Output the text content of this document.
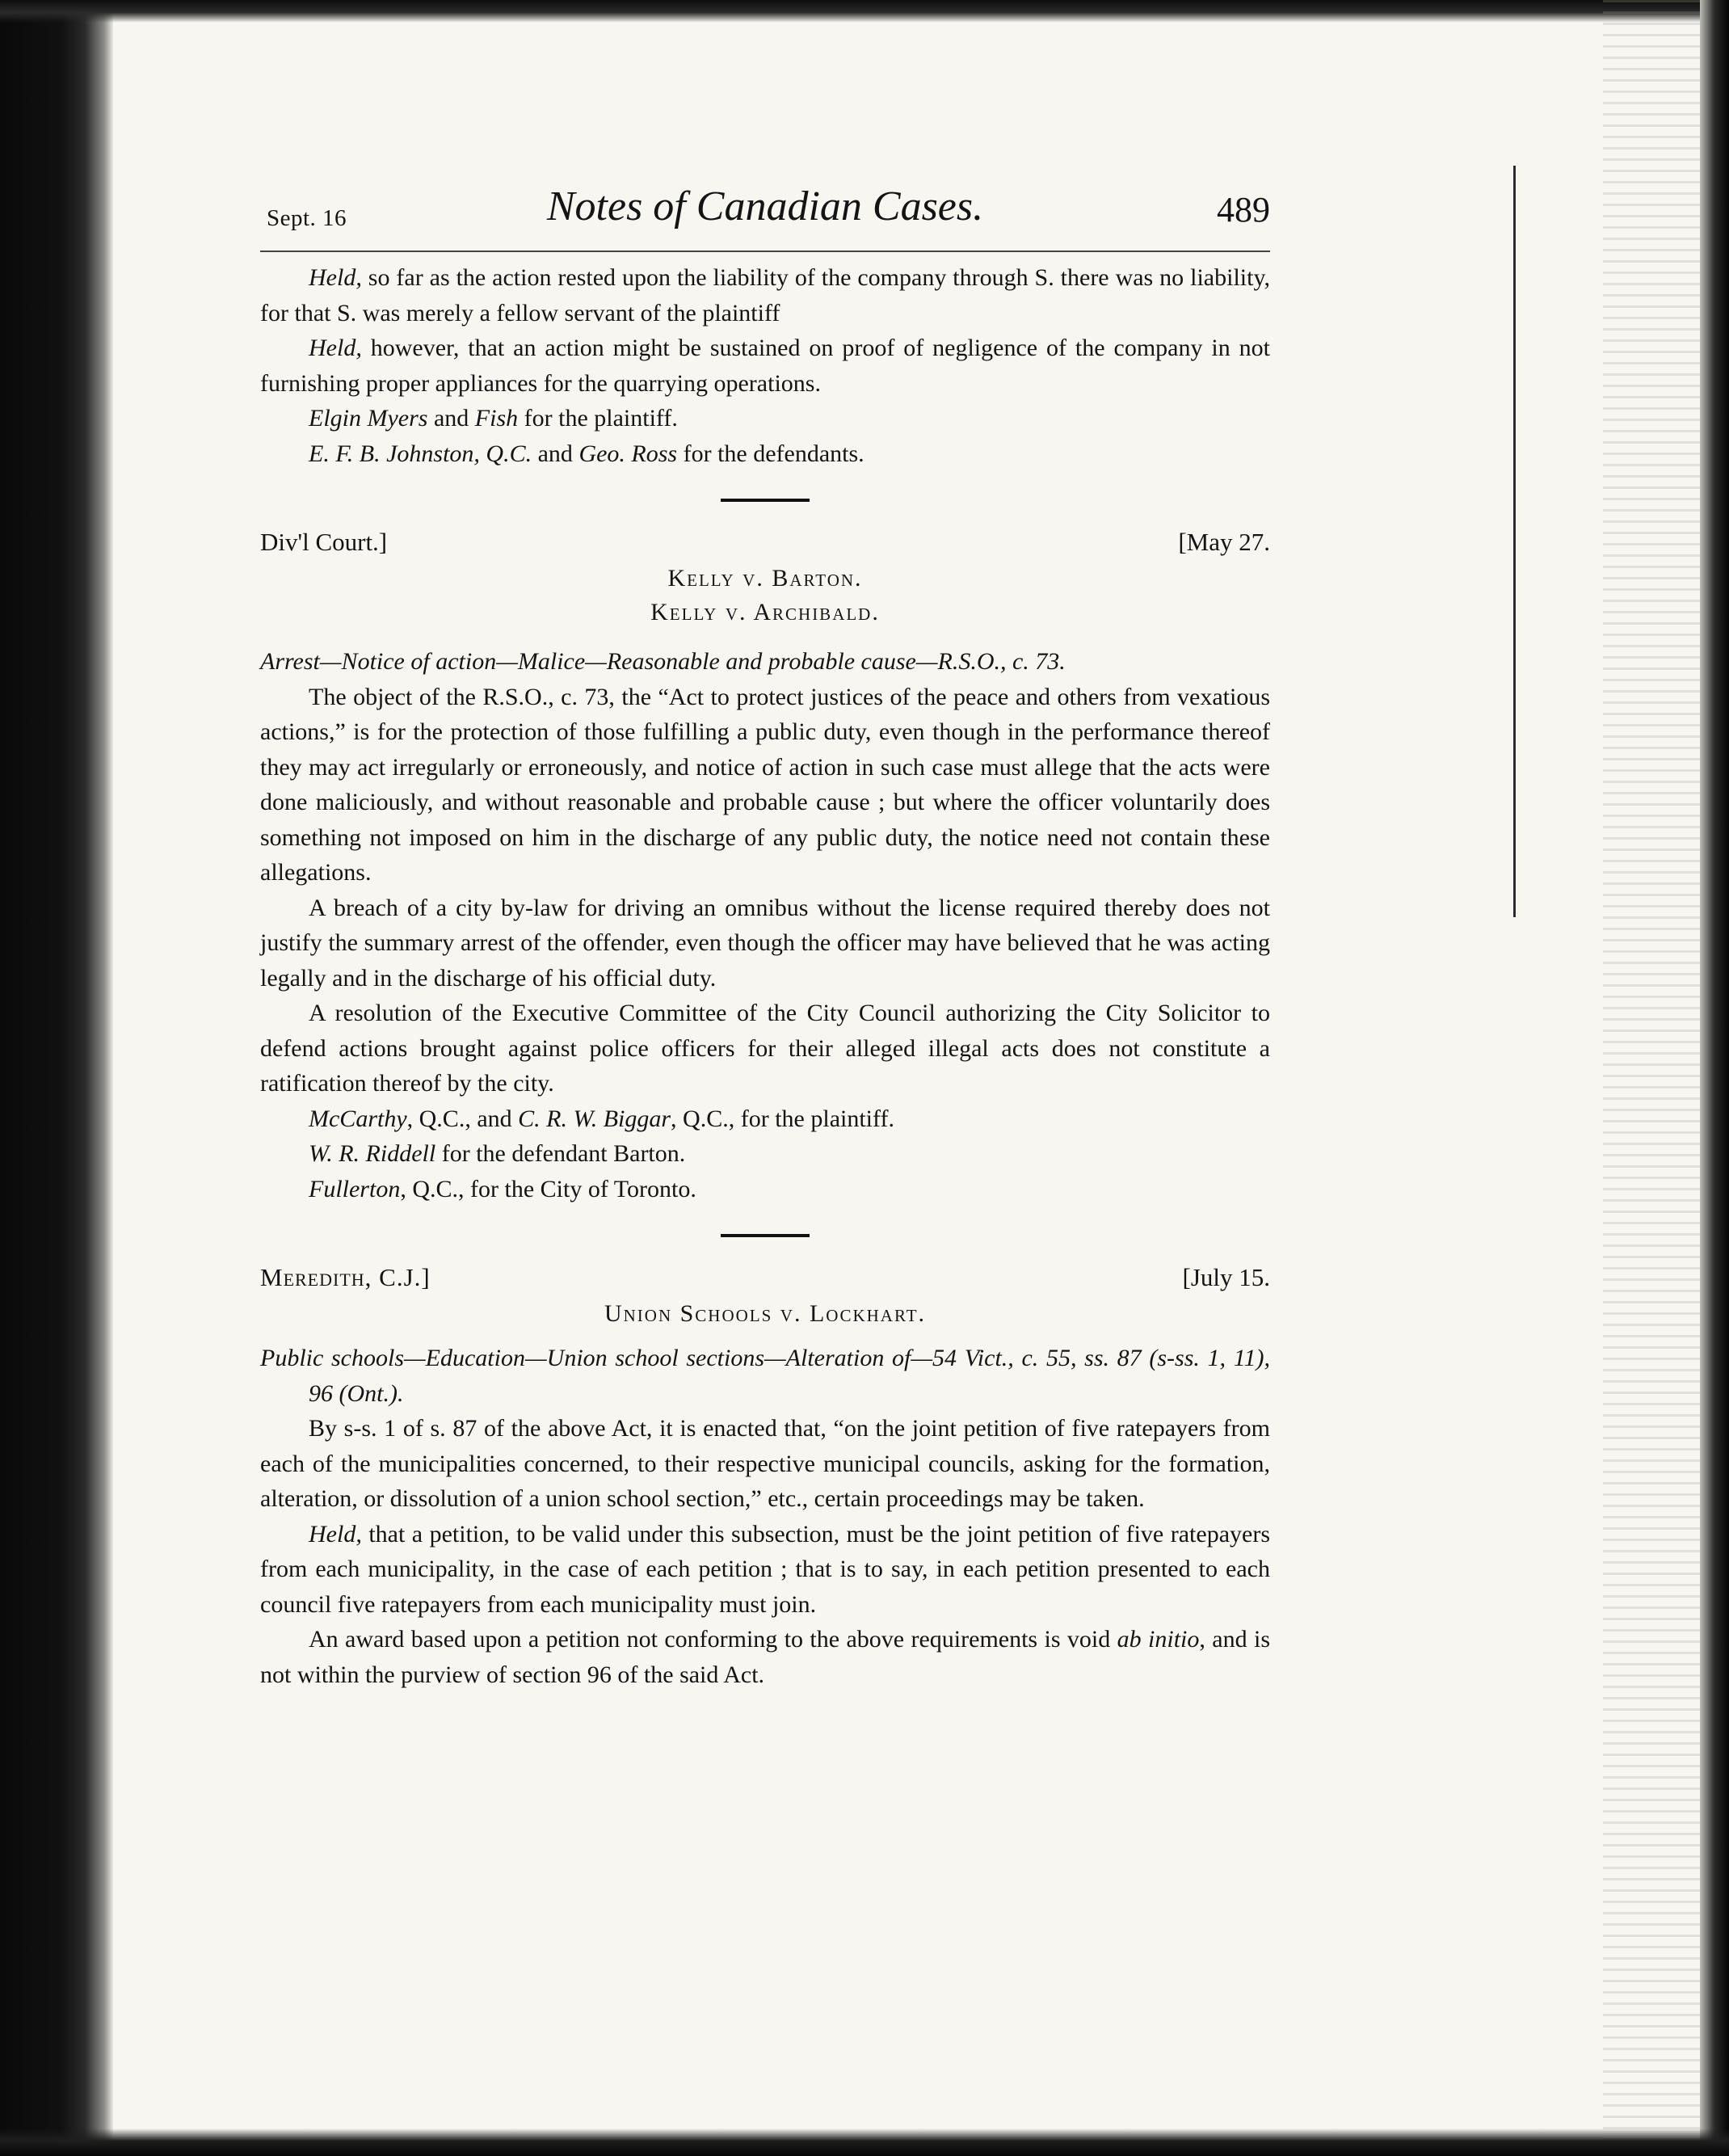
Sept. 16	Notes of Canadian Cases.	489

Held, so far as the action rested upon the liability of the company through S. there was no liability, for that S. was merely a fellow servant of the plaintiff

Held, however, that an action might be sustained on proof of negligence of the company in not furnishing proper appliances for the quarrying operations.

Elgin Myers and Fish for the plaintiff.

E. F. B. Johnston, Q.C. and Geo. Ross for the defendants.

Div'l Court.]	[May 27.
Kelly v. Barton.
Kelly v. Archibald.

Arrest—Notice of action—Malice—Reasonable and probable cause—R.S.O., c. 73.

The object of the R.S.O., c. 73, the “Act to protect justices of the peace and others from vexatious actions,” is for the protection of those fulfilling a public duty, even though in the performance thereof they may act irregularly or erroneously, and notice of action in such case must allege that the acts were done maliciously, and without reasonable and probable cause ; but where the officer voluntarily does something not imposed on him in the discharge of any public duty, the notice need not contain these allegations.

A breach of a city by-law for driving an omnibus without the license required thereby does not justify the summary arrest of the offender, even though the officer may have believed that he was acting legally and in the discharge of his official duty.

A resolution of the Executive Committee of the City Council authorizing the City Solicitor to defend actions brought against police officers for their alleged illegal acts does not constitute a ratification thereof by the city.

McCarthy, Q.C., and C. R. W. Biggar, Q.C., for the plaintiff.

W. R. Riddell for the defendant Barton.

Fullerton, Q.C., for the City of Toronto.

Meredith, C.J.]	[July 15.
Union Schools v. Lockhart.

Public schools—Education—Union school sections—Alteration of—54 Vict., c. 55, ss. 87 (s-ss. 1, 11), 96 (Ont.).

By s-s. 1 of s. 87 of the above Act, it is enacted that, “on the joint petition of five ratepayers from each of the municipalities concerned, to their respective municipal councils, asking for the formation, alteration, or dissolution of a union school section,” etc., certain proceedings may be taken.

Held, that a petition, to be valid under this subsection, must be the joint petition of five ratepayers from each municipality, in the case of each petition ; that is to say, in each petition presented to each council five ratepayers from each municipality must join.

An award based upon a petition not conforming to the above requirements is void ab initio, and is not within the purview of section 96 of the said Act.
